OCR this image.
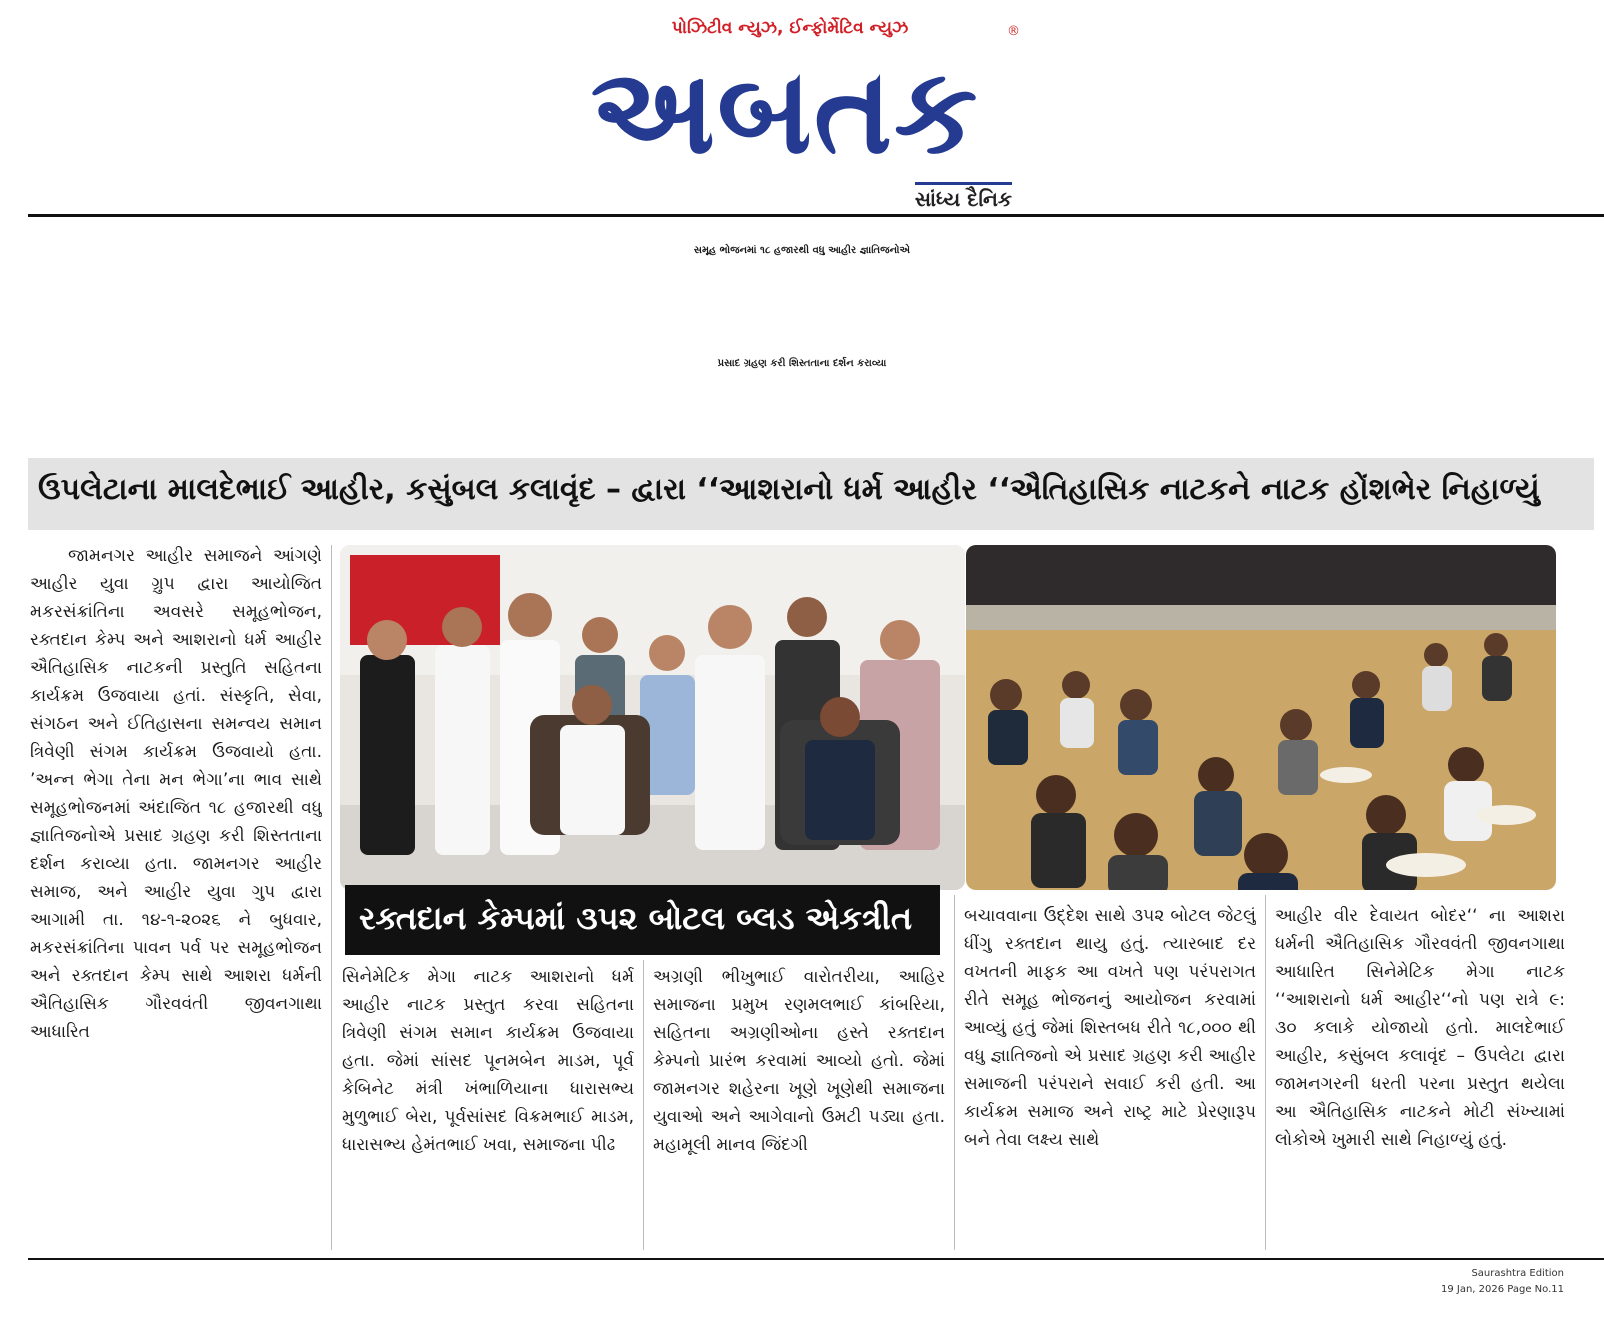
પોઝિટીવ ન્યુઝ, ઈન્ફોર્મેટિવ ન્યુઝ	®
અબતક
સાંધ્ય દૈનિક
સમૂહ ભોજનમાં ૧૮ હજારથી વધુ આહીર જ્ઞાતિજનોએ
પ્રસાદ ગ્રહણ કરી શિસ્તતાના દર્શન કરાવ્યા
ઉપલેટાના માલદેભાઈ આહીર, કસુંબલ કલાવૃંદ – દ્વારા ‘‘આશરાનો ધર્મ આહીર ‘‘ઐતિહાસિક નાટકને નાટક હોંશભેર નિહાળ્યું
રક્તદાન કેમ્પમાં ૩૫૨ બોટલ બ્લડ એકત્રીત

જામનગર આહીર સમાજને આંગણે આહીર યુવા ગ્રુપ દ્વારા આયોજિત મકરસંક્રાંતિના અવસરે સમૂહભોજન, રક્તદાન કેમ્પ અને આશરાનો ધર્મ આહીર ઐતિહાસિક નાટકની પ્રસ્તુતિ સહિતના કાર્યક્રમ ઉજવાયા હતાં. સંસ્કૃતિ, સેવા, સંગઠન અને ઈતિહાસના સમન્વય સમાન ત્રિવેણી સંગમ કાર્યક્રમ ઉજવાયો હતા. ’અન્ન ભેગા તેના મન ભેગા’ના ભાવ સાથે સમૂહભોજનમાં અંદાજિત ૧૮ હજારથી વધુ જ્ઞાતિજનોએ પ્રસાદ ગ્રહણ કરી શિસ્તતાના દર્શન કરાવ્યા હતા. જામનગર આહીર સમાજ, અને આહીર યુવા ગુપ દ્વારા આગામી તા. ૧૪-૧-૨૦૨૬ ને બુધવાર, મકરસંક્રાંતિના પાવન પર્વ પર સમૂહભોજન અને રક્તદાન કેમ્પ સાથે આશરા ધર્મની ઐતિહાસિક ગૌરવવંતી જીવનગાથા આધારિત

સિનેમેટિક મેગા નાટક આશરાનો ધર્મ આહીર નાટક પ્રસ્તુત કરવા સહિતના ત્રિવેણી સંગમ સમાન કાર્યક્રમ ઉજવાયા હતા. જેમાં સાંસદ પૂનમબેન માડમ, પૂર્વ કેબિનેટ મંત્રી ખંભાળિયાના ધારાસભ્ય મુળુભાઈ બેરા, પૂર્વસાંસદ વિક્રમભાઈ માડમ, ધારાસભ્ય હેમંતભાઈ ખવા, સમાજના પીઢ

અગ્રણી ભીખુભાઈ વારોતરીયા, આહિર સમાજના પ્રમુખ રણમલભાઈ કાંબરિયા, સહિતના અગ્રણીઓના હસ્તે રક્તદાન કેમ્પનો પ્રારંભ કરવામાં આવ્યો હતો. જેમાં જામનગર શહેરના ખૂણે ખૂણેથી સમાજના યુવાઓ અને આગેવાનો ઉમટી પડ્યા હતા. મહામૂલી માનવ જિંદગી

બચાવવાના ઉદ્દેશ સાથે ૩૫૨ બોટલ જેટલું ધીંગુ રક્તદાન થાયુ હતું. ત્યારબાદ દર વખતની માફક આ વખતે પણ પરંપરાગત રીતે સમૂહ ભોજનનું આયોજન કરવામાં આવ્યું હતું જેમાં શિસ્તબધ રીતે ૧૮,૦૦૦ થી વધુ જ્ઞાતિજનો એ પ્રસાદ ગ્રહણ કરી આહીર સમાજની પરંપરાને સવાઈ કરી હતી. આ કાર્યક્રમ સમાજ અને રાષ્ટ્ર માટે પ્રેરણારૂપ બને તેવા લક્ષ્ય સાથે

આહીર વીર દેવાયત બોદર‘‘ ના આશરા ધર્મની ઐતિહાસિક ગૌરવવંતી જીવનગાથા આધારિત સિનેમેટિક મેગા નાટક ‘‘આશરાનો ધર્મ આહીર‘‘નો પણ રાત્રે ૯: ૩૦ કલાકે યોજાયો હતો. માલદેભાઈ આહીર, કસુંબલ કલાવૃંદ – ઉપલેટા દ્વારા જામનગરની ધરતી પરના પ્રસ્તુત થયેલા આ ઐતિહાસિક નાટકને મોટી સંખ્યામાં લોકોએ ખુમારી સાથે નિહાળ્યું હતું.

Saurashtra Edition
19 Jan, 2026 Page No.11
